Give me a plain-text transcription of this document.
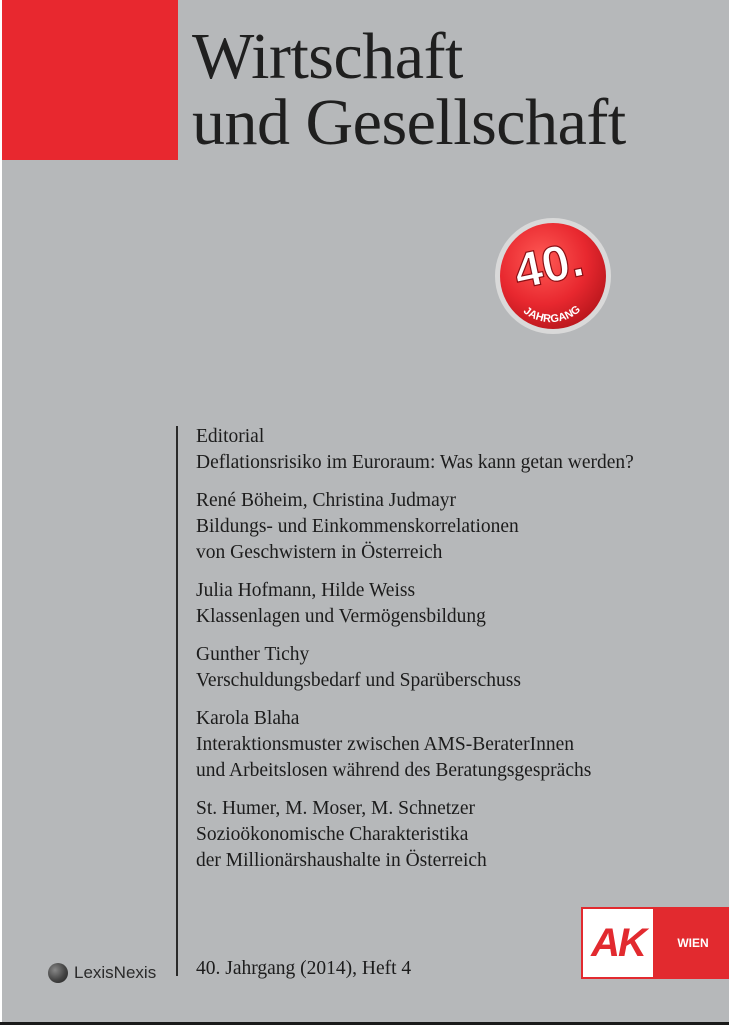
Wirtschaft
und Gesellschaft
40.
JAHRGANG
Editorial
Deflationsrisiko im Euroraum: Was kann getan werden?
René Böheim, Christina Judmayr
Bildungs- und Einkommenskorrelationen
von Geschwistern in Österreich
Julia Hofmann, Hilde Weiss
Klassenlagen und Vermögensbildung
Gunther Tichy
Verschuldungsbedarf und Sparüberschuss
Karola Blaha
Interaktionsmuster zwischen AMS-BeraterInnen
und Arbeitslosen während des Beratungsgesprächs
St. Humer, M. Moser, M. Schnetzer
Sozioökonomische Charakteristika
der Millionärshaushalte in Österreich
LexisNexis 40. Jahrgang (2014), Heft 4
AK	WIEN
